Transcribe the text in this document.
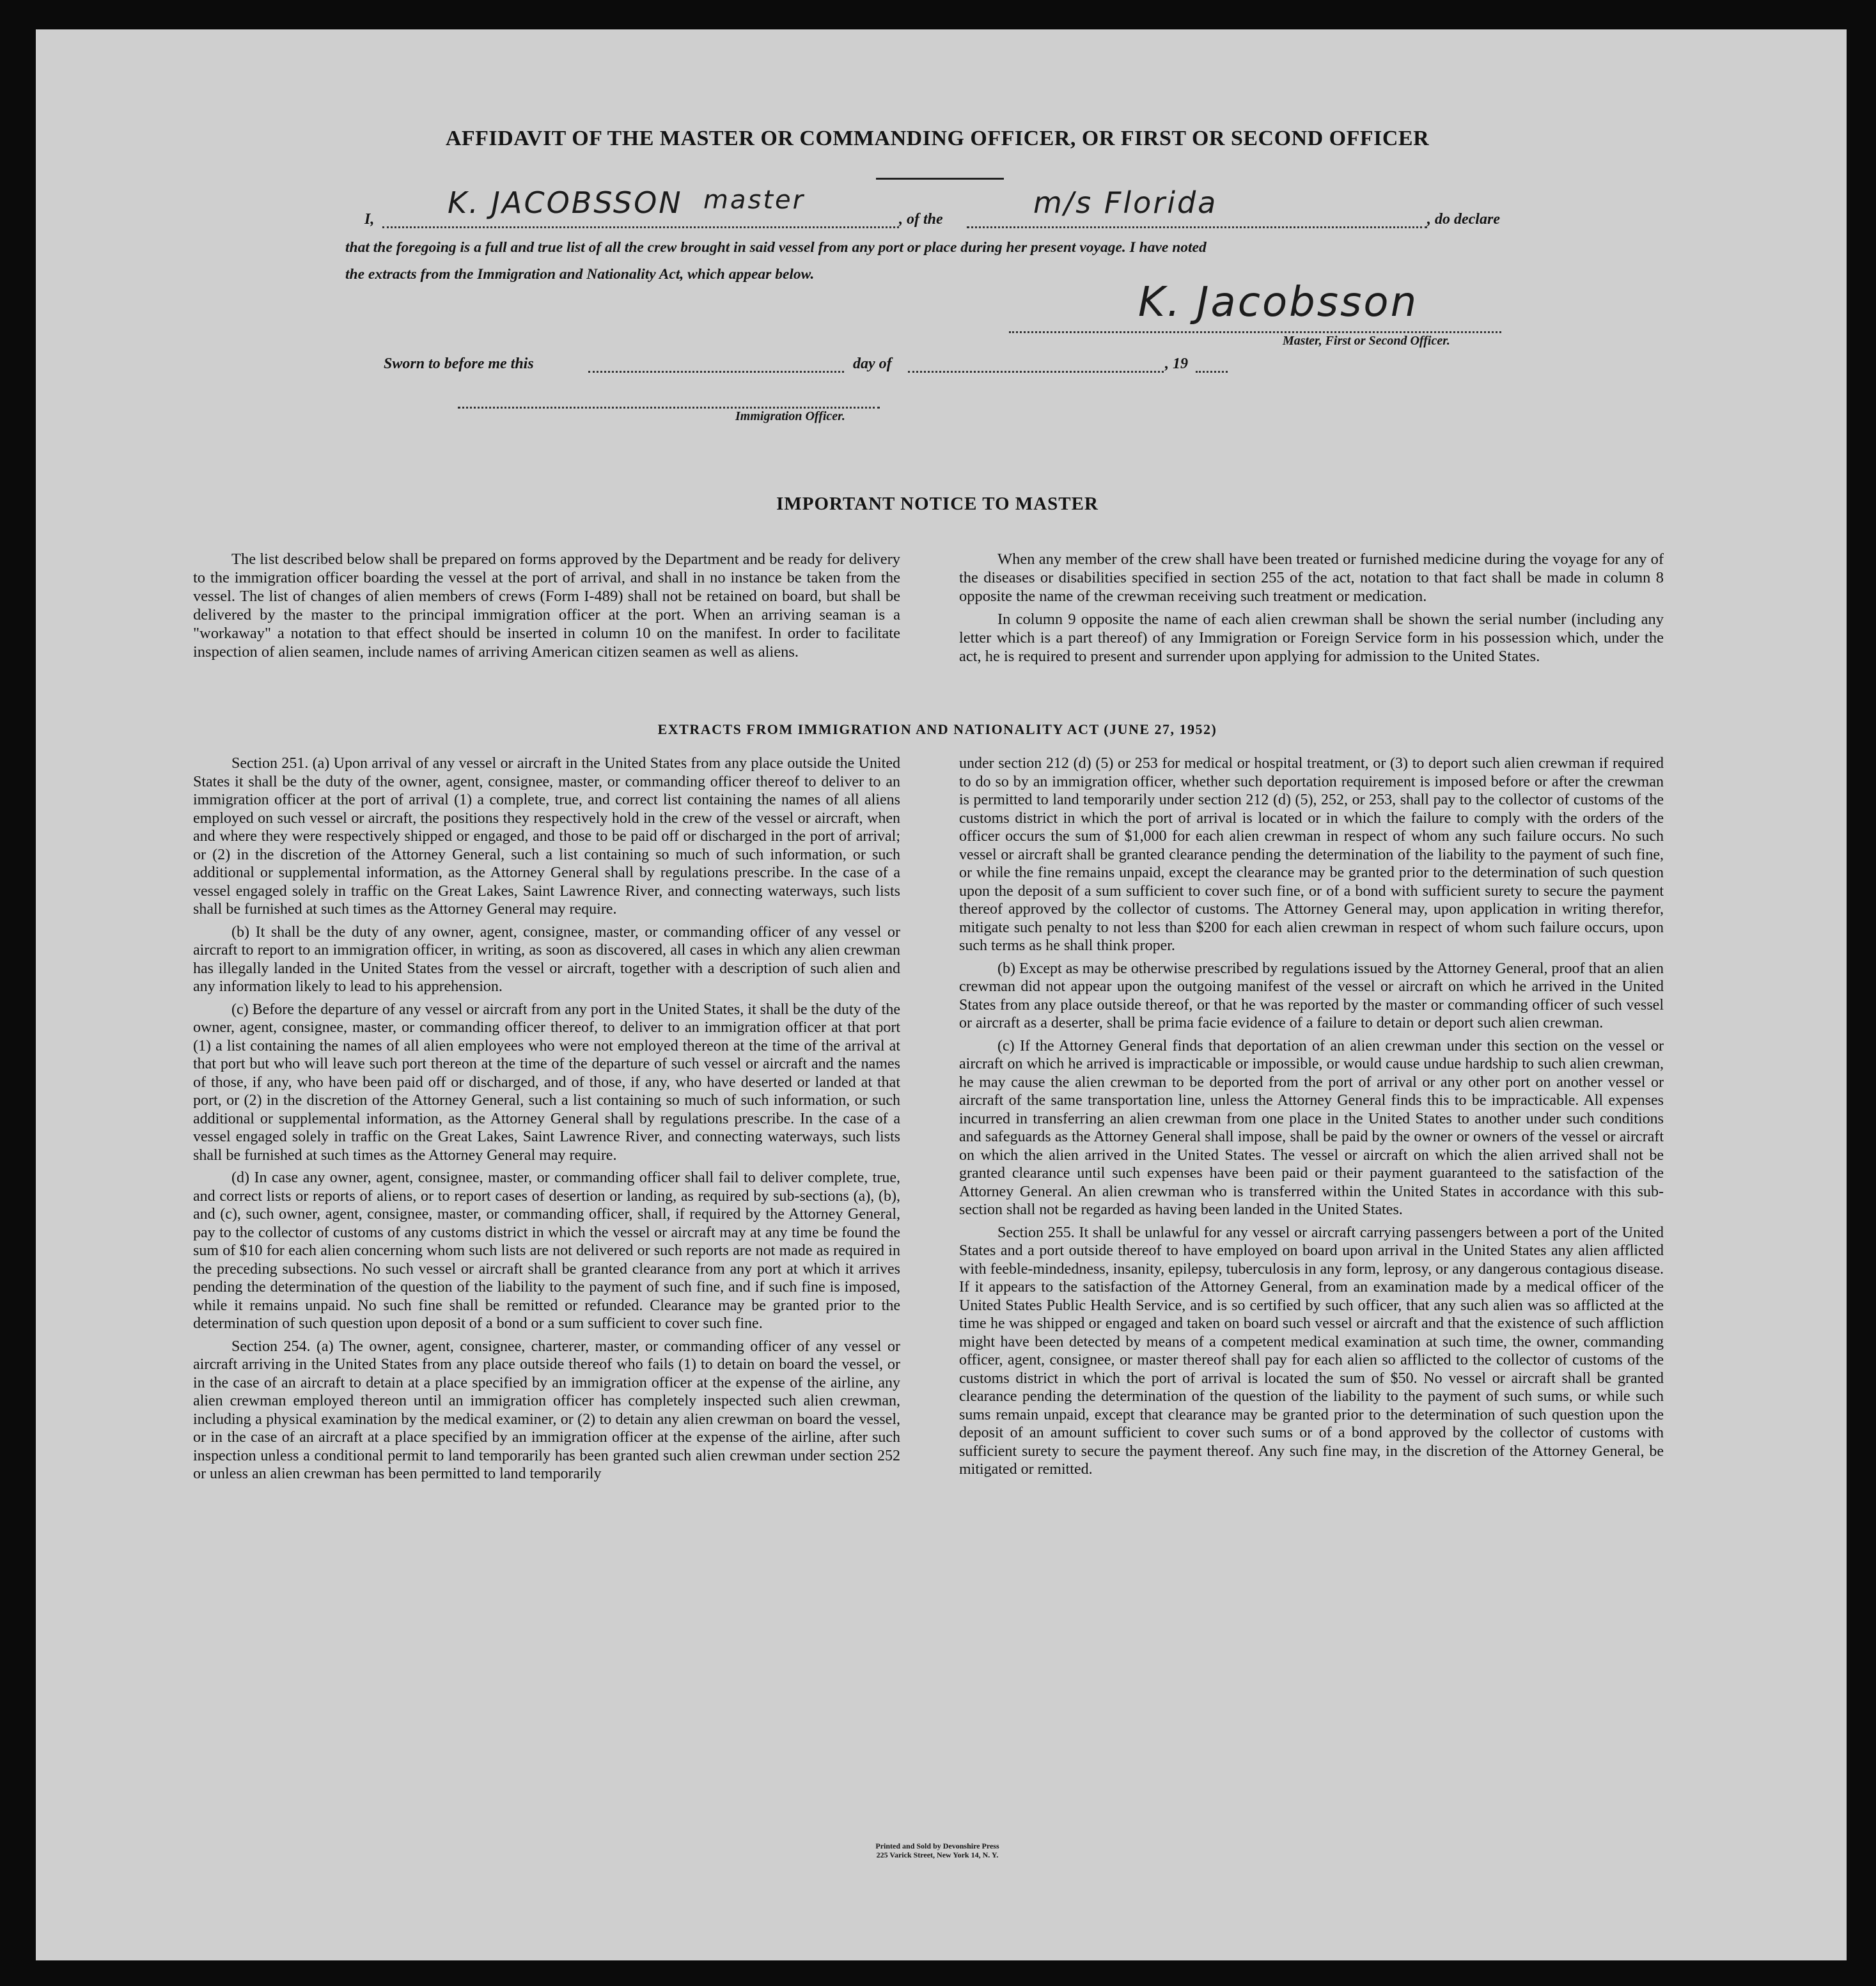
AFFIDAVIT OF THE MASTER OR COMMANDING OFFICER, OR FIRST OR SECOND OFFICER
I, K. JACOBSSON master
, of the	m/s Florida	, do declare
that the foregoing is a full and true list of all the crew brought in said vessel from any port or place during her present voyage. I have noted
the extracts from the Immigration and Nationality Act, which appear below.
K. Jacobsson
Master, First or Second Officer.
Sworn to before me this	day of	, 19
Immigration Officer.
IMPORTANT NOTICE TO MASTER

The list described below shall be prepared on forms approved by the Department and be ready for delivery to the immigration officer boarding the vessel at the port of arrival, and shall in no instance be taken from the vessel. The list of changes of alien members of crews (Form I-489) shall not be retained on board, but shall be delivered by the master to the principal immigration officer at the port. When an arriving seaman is a "workaway" a notation to that effect should be inserted in column 10 on the manifest. In order to facilitate inspection of alien seamen, include names of arriving American citizen seamen as well as aliens.

When any member of the crew shall have been treated or furnished medicine during the voyage for any of the diseases or disabilities specified in section 255 of the act, notation to that fact shall be made in column 8 opposite the name of the crewman receiving such treatment or medication.

In column 9 opposite the name of each alien crewman shall be shown the serial number (including any letter which is a part thereof) of any Immigration or Foreign Service form in his possession which, under the act, he is required to present and surrender upon applying for admission to the United States.

EXTRACTS FROM IMMIGRATION AND NATIONALITY ACT (JUNE 27, 1952)

Section 251. (a) Upon arrival of any vessel or aircraft in the United States from any place outside the United States it shall be the duty of the owner, agent, consignee, master, or commanding officer thereof to deliver to an immigration officer at the port of arrival (1) a complete, true, and correct list containing the names of all aliens employed on such vessel or aircraft, the positions they respectively hold in the crew of the vessel or aircraft, when and where they were respectively shipped or engaged, and those to be paid off or discharged in the port of arrival; or (2) in the discretion of the Attorney General, such a list containing so much of such information, or such additional or supplemental information, as the Attorney General shall by regulations prescribe. In the case of a vessel engaged solely in traffic on the Great Lakes, Saint Lawrence River, and connecting waterways, such lists shall be furnished at such times as the Attorney General may require.

(b) It shall be the duty of any owner, agent, consignee, master, or commanding officer of any vessel or aircraft to report to an immigration officer, in writing, as soon as discovered, all cases in which any alien crewman has illegally landed in the United States from the vessel or aircraft, together with a description of such alien and any information likely to lead to his apprehension.

(c) Before the departure of any vessel or aircraft from any port in the United States, it shall be the duty of the owner, agent, consignee, master, or commanding officer thereof, to deliver to an immigration officer at that port (1) a list containing the names of all alien employees who were not employed thereon at the time of the arrival at that port but who will leave such port thereon at the time of the departure of such vessel or aircraft and the names of those, if any, who have been paid off or discharged, and of those, if any, who have deserted or landed at that port, or (2) in the discretion of the Attorney General, such a list containing so much of such information, or such additional or supplemental information, as the Attorney General shall by regulations prescribe. In the case of a vessel engaged solely in traffic on the Great Lakes, Saint Lawrence River, and connecting waterways, such lists shall be furnished at such times as the Attorney General may require.

(d) In case any owner, agent, consignee, master, or commanding officer shall fail to deliver complete, true, and correct lists or reports of aliens, or to report cases of desertion or landing, as required by sub-sections (a), (b), and (c), such owner, agent, consignee, master, or commanding officer, shall, if required by the Attorney General, pay to the collector of customs of any customs district in which the vessel or aircraft may at any time be found the sum of $10 for each alien concerning whom such lists are not delivered or such reports are not made as required in the preceding subsections. No such vessel or aircraft shall be granted clearance from any port at which it arrives pending the determination of the question of the liability to the payment of such fine, and if such fine is imposed, while it remains unpaid. No such fine shall be remitted or refunded. Clearance may be granted prior to the determination of such question upon deposit of a bond or a sum sufficient to cover such fine.

Section 254. (a) The owner, agent, consignee, charterer, master, or commanding officer of any vessel or aircraft arriving in the United States from any place outside thereof who fails (1) to detain on board the vessel, or in the case of an aircraft to detain at a place specified by an immigration officer at the expense of the airline, any alien crewman employed thereon until an immigration officer has completely inspected such alien crewman, including a physical examination by the medical examiner, or (2) to detain any alien crewman on board the vessel, or in the case of an aircraft at a place specified by an immigration officer at the expense of the airline, after such inspection unless a conditional permit to land temporarily has been granted such alien crewman under section 252 or unless an alien crewman has been permitted to land temporarily

under section 212 (d) (5) or 253 for medical or hospital treatment, or (3) to deport such alien crewman if required to do so by an immigration officer, whether such deportation requirement is imposed before or after the crewman is permitted to land temporarily under section 212 (d) (5), 252, or 253, shall pay to the collector of customs of the customs district in which the port of arrival is located or in which the failure to comply with the orders of the officer occurs the sum of $1,000 for each alien crewman in respect of whom any such failure occurs. No such vessel or aircraft shall be granted clearance pending the determination of the liability to the payment of such fine, or while the fine remains unpaid, except the clearance may be granted prior to the determination of such question upon the deposit of a sum sufficient to cover such fine, or of a bond with sufficient surety to secure the payment thereof approved by the collector of customs. The Attorney General may, upon application in writing therefor, mitigate such penalty to not less than $200 for each alien crewman in respect of whom such failure occurs, upon such terms as he shall think proper.

(b) Except as may be otherwise prescribed by regulations issued by the Attorney General, proof that an alien crewman did not appear upon the outgoing manifest of the vessel or aircraft on which he arrived in the United States from any place outside thereof, or that he was reported by the master or commanding officer of such vessel or aircraft as a deserter, shall be prima facie evidence of a failure to detain or deport such alien crewman.

(c) If the Attorney General finds that deportation of an alien crewman under this section on the vessel or aircraft on which he arrived is impracticable or impossible, or would cause undue hardship to such alien crewman, he may cause the alien crewman to be deported from the port of arrival or any other port on another vessel or aircraft of the same transportation line, unless the Attorney General finds this to be impracticable. All expenses incurred in transferring an alien crewman from one place in the United States to another under such conditions and safeguards as the Attorney General shall impose, shall be paid by the owner or owners of the vessel or aircraft on which the alien arrived in the United States. The vessel or aircraft on which the alien arrived shall not be granted clearance until such expenses have been paid or their payment guaranteed to the satisfaction of the Attorney General. An alien crewman who is transferred within the United States in accordance with this sub-section shall not be regarded as having been landed in the United States.

Section 255. It shall be unlawful for any vessel or aircraft carrying passengers between a port of the United States and a port outside thereof to have employed on board upon arrival in the United States any alien afflicted with feeble-mindedness, insanity, epilepsy, tuberculosis in any form, leprosy, or any dangerous contagious disease. If it appears to the satisfaction of the Attorney General, from an examination made by a medical officer of the United States Public Health Service, and is so certified by such officer, that any such alien was so afflicted at the time he was shipped or engaged and taken on board such vessel or aircraft and that the existence of such affliction might have been detected by means of a competent medical examination at such time, the owner, commanding officer, agent, consignee, or master thereof shall pay for each alien so afflicted to the collector of customs of the customs district in which the port of arrival is located the sum of $50. No vessel or aircraft shall be granted clearance pending the determination of the question of the liability to the payment of such sums, or while such sums remain unpaid, except that clearance may be granted prior to the determination of such question upon the deposit of an amount sufficient to cover such sums or of a bond approved by the collector of customs with sufficient surety to secure the payment thereof. Any such fine may, in the discretion of the Attorney General, be mitigated or remitted.

Printed and Sold by Devonshire Press
225 Varick Street, New York 14, N. Y.
